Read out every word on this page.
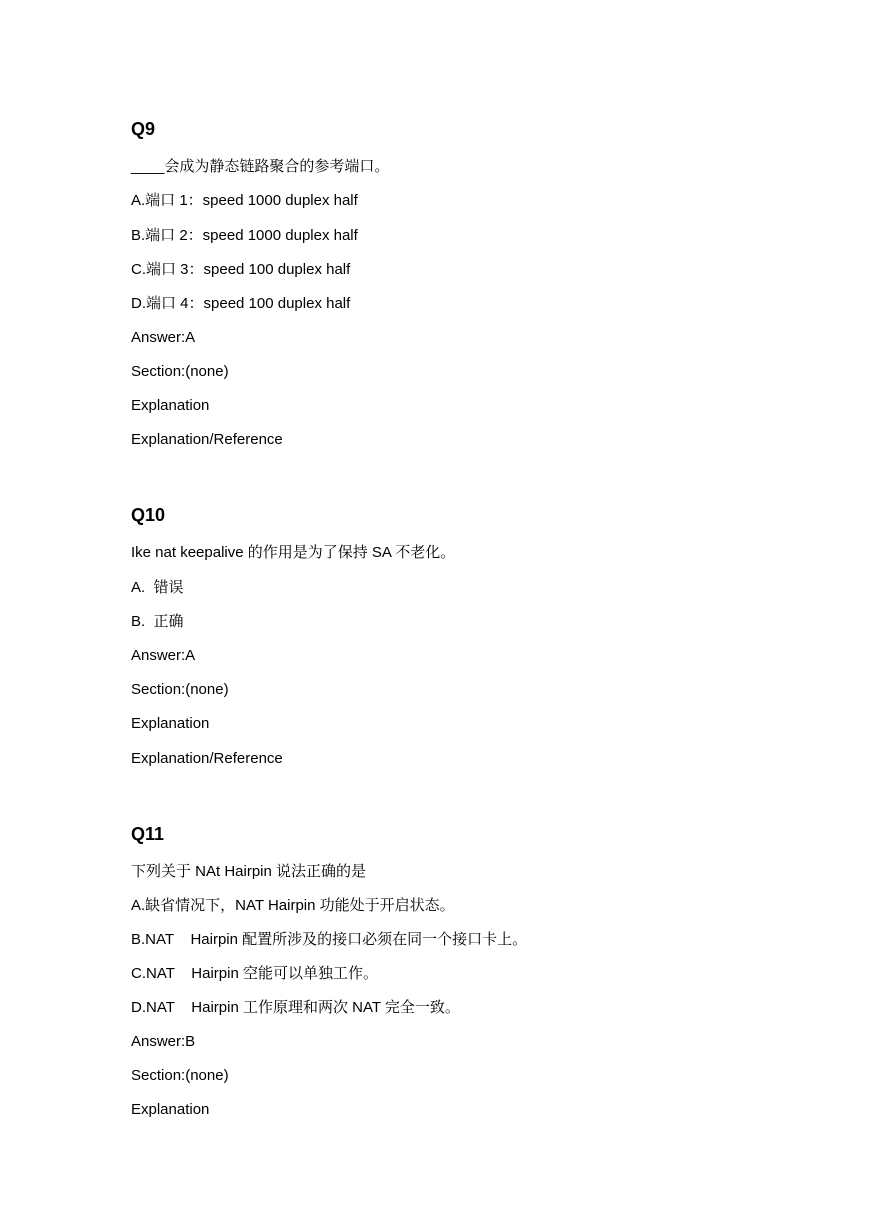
Q9
____会成为静态链路聚合的参考端口。
A.端口 1：speed 1000 duplex half
B.端口 2：speed 1000 duplex half
C.端口 3：speed 100 duplex half
D.端口 4：speed 100 duplex half
Answer:A
Section:(none)
Explanation
Explanation/Reference
Q10
Ike nat keepalive 的作用是为了保持 SA 不老化。
A.  错误
B.  正确
Answer:A
Section:(none)
Explanation
Explanation/Reference
Q11
下列关于 NAt Hairpin 说法正确的是
A.缺省情况下，NAT Hairpin 功能处于开启状态。
B.NAT    Hairpin 配置所涉及的接口必须在同一个接口卡上。
C.NAT    Hairpin 空能可以单独工作。
D.NAT    Hairpin 工作原理和两次 NAT 完全一致。
Answer:B
Section:(none)
Explanation
